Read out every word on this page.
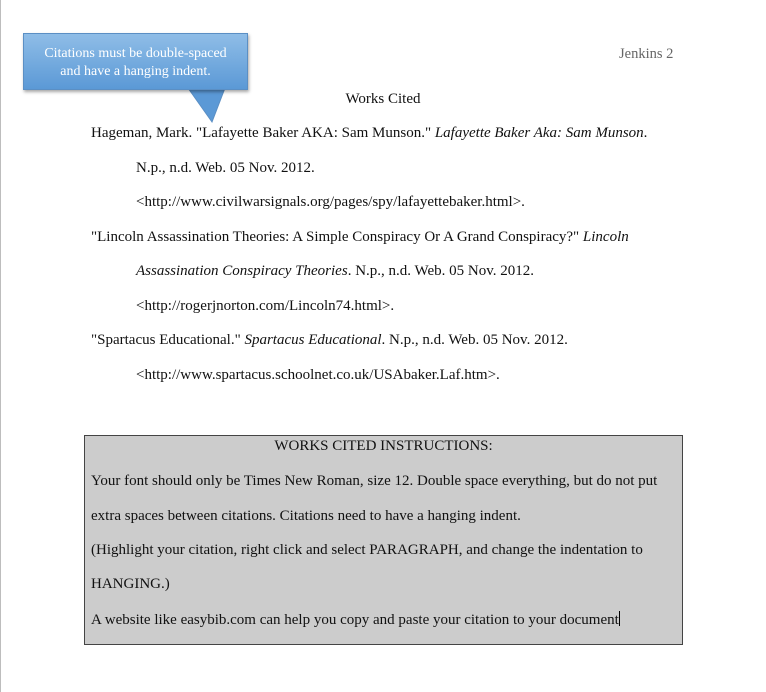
Jenkins 2
Citations must be double-spaced
and have a hanging indent.
Works Cited
Hageman, Mark. "Lafayette Baker AKA: Sam Munson." Lafayette Baker Aka: Sam Munson.
N.p., n.d. Web. 05 Nov. 2012.
<http://www.civilwarsignals.org/pages/spy/lafayettebaker.html>.
"Lincoln Assassination Theories: A Simple Conspiracy Or A Grand Conspiracy?" Lincoln
Assassination Conspiracy Theories. N.p., n.d. Web. 05 Nov. 2012.
<http://rogerjnorton.com/Lincoln74.html>.
"Spartacus Educational." Spartacus Educational. N.p., n.d. Web. 05 Nov. 2012.
<http://www.spartacus.schoolnet.co.uk/USAbaker.Laf.htm>.
WORKS CITED INSTRUCTIONS:
Your font should only be Times New Roman, size 12. Double space everything, but do not put
extra spaces between citations. Citations need to have a hanging indent.
(Highlight your citation, right click and select PARAGRAPH, and change the indentation to
HANGING.)
A website like easybib.com can help you copy and paste your citation to your document
